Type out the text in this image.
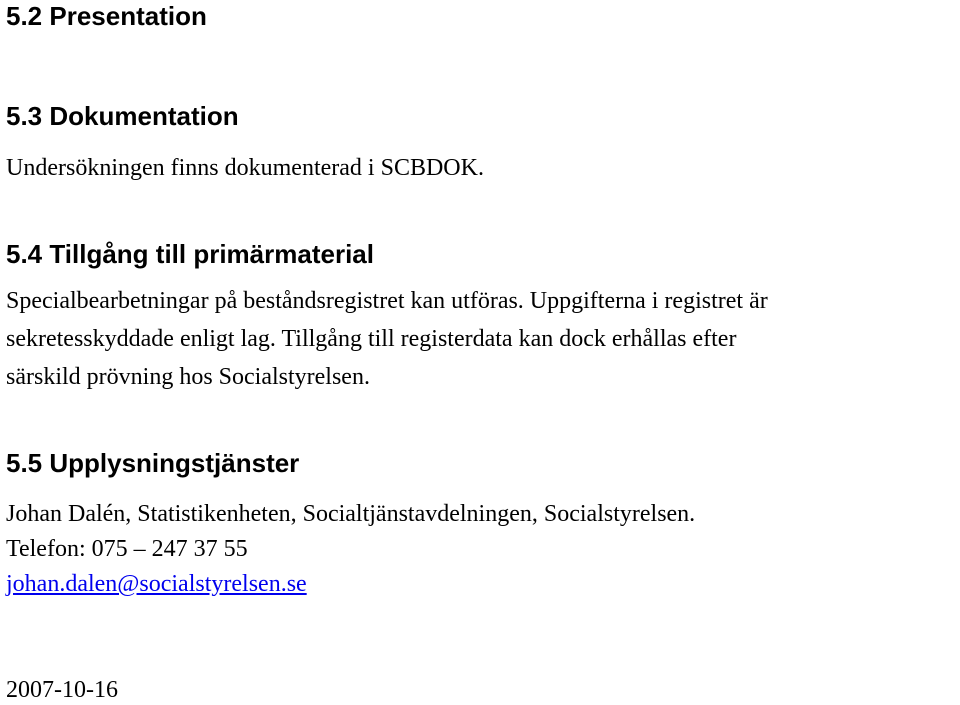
5.2 Presentation
5.3 Dokumentation

Undersökningen finns dokumenterad i SCBDOK.

5.4 Tillgång till primärmaterial
Specialbearbetningar på beståndsregistret kan utföras. Uppgifterna i registret är
sekretesskyddade enligt lag. Tillgång till registerdata kan dock erhållas efter
särskild prövning hos Socialstyrelsen.
5.5 Upplysningstjänster

Johan Dalén, Statistikenheten, Socialtjänstavdelningen, Socialstyrelsen.

Telefon: 075 – 247 37 55

johan.dalen@socialstyrelsen.se

2007-10-16
